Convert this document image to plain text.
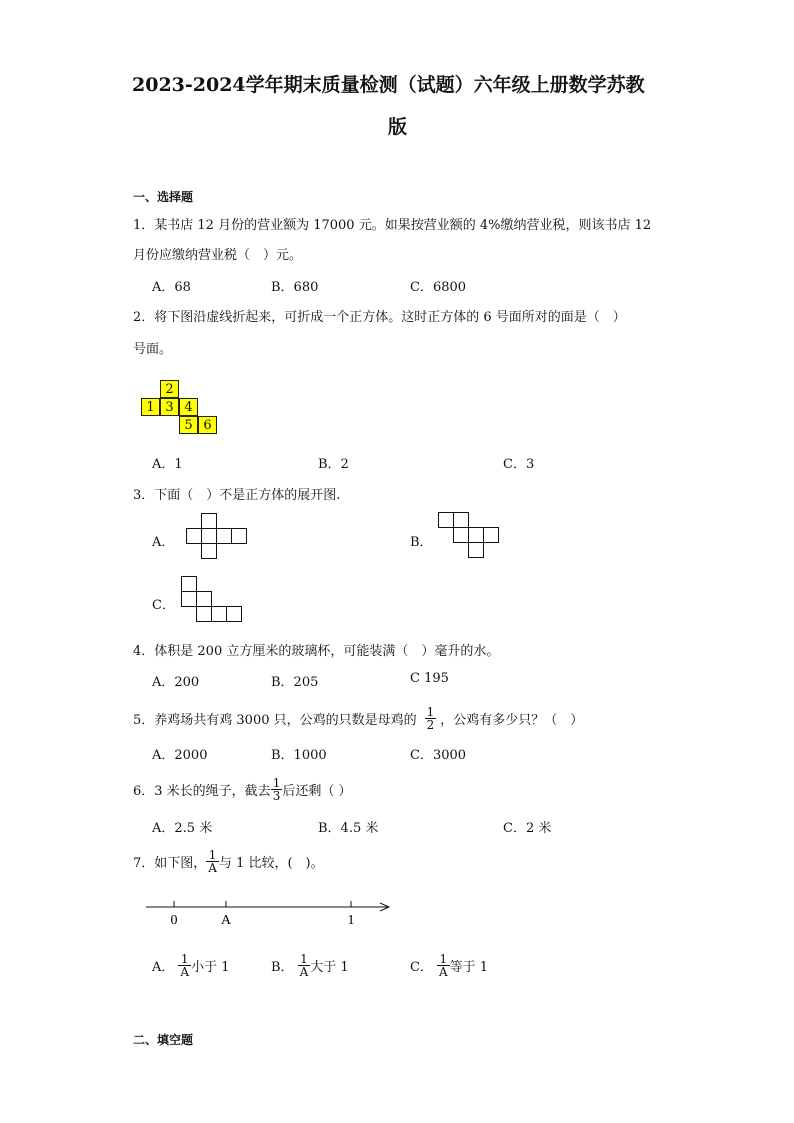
2023-2024学年期末质量检测（试题）六年级上册数学苏教
版
一、选择题
1．某书店 12 月份的营业额为 17000 元。如果按营业额的 4%缴纳营业税，则该书店 12
月份应缴纳营业税（　）元。
A．68	B．680	C．6800
2．将下图沿虚线折起来，可折成一个正方体。这时正方体的 6 号面所对的面是（　）
号面。
2
1 3 4
5 6
A．1	B．2	C．3
3．下面（　）不是正方体的展开图.
A．	B．
C．
4．体积是 200 立方厘米的玻璃杯，可能装满（　）毫升的水。
A．200	B．205	C 195
5．养鸡场共有鸡 3000 只，公鸡的只数是母鸡的 $\frac{1}{2}$ ，公鸡有多少只？（　）
A．2000	B．1000	C．3000
6．3 米长的绳子，截去 $\frac{1}{3}$ 后还剩（ ）
A．2.5 米	B．4.5 米	C．2 米
7．如下图， $\frac{1}{A}$ 与 1 比较，(　)。
0	A	1
A． $\frac{1}{A}$ 小于 1	B． $\frac{1}{A}$ 大于 1	C． $\frac{1}{A}$ 等于 1
二、填空题
